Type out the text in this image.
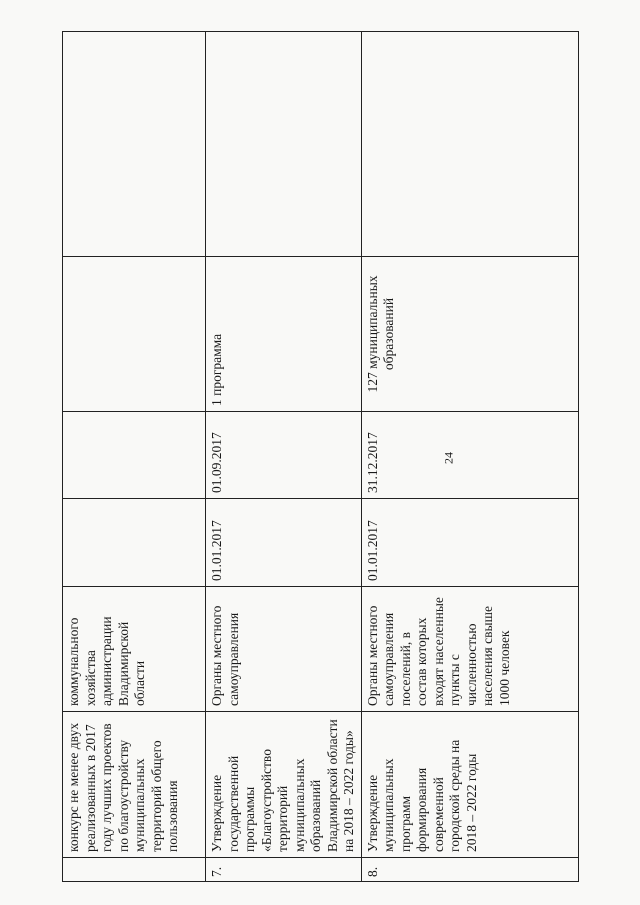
24
	конкурс не менее двух реализованных в 2017 году лучших проектов по благоустройству муниципальных территорий общего пользования	коммунального хозяйства администрации Владимирской области				
7.	Утверждение государственной программы «Благоустройство территорий муниципальных образований Владимирской области на 2018 – 2022 годы»	Органы местного самоуправления	01.01.2017	01.09.2017	1 программа	
8.	Утверждение муниципальных программ формирования современной городской среды на 2018 – 2022 годы	Органы местного самоуправления поселений, в состав которых входят населенные пункты с численностью населения свыше 1000 человек	01.01.2017	31.12.2017	127 муниципальных образований	
